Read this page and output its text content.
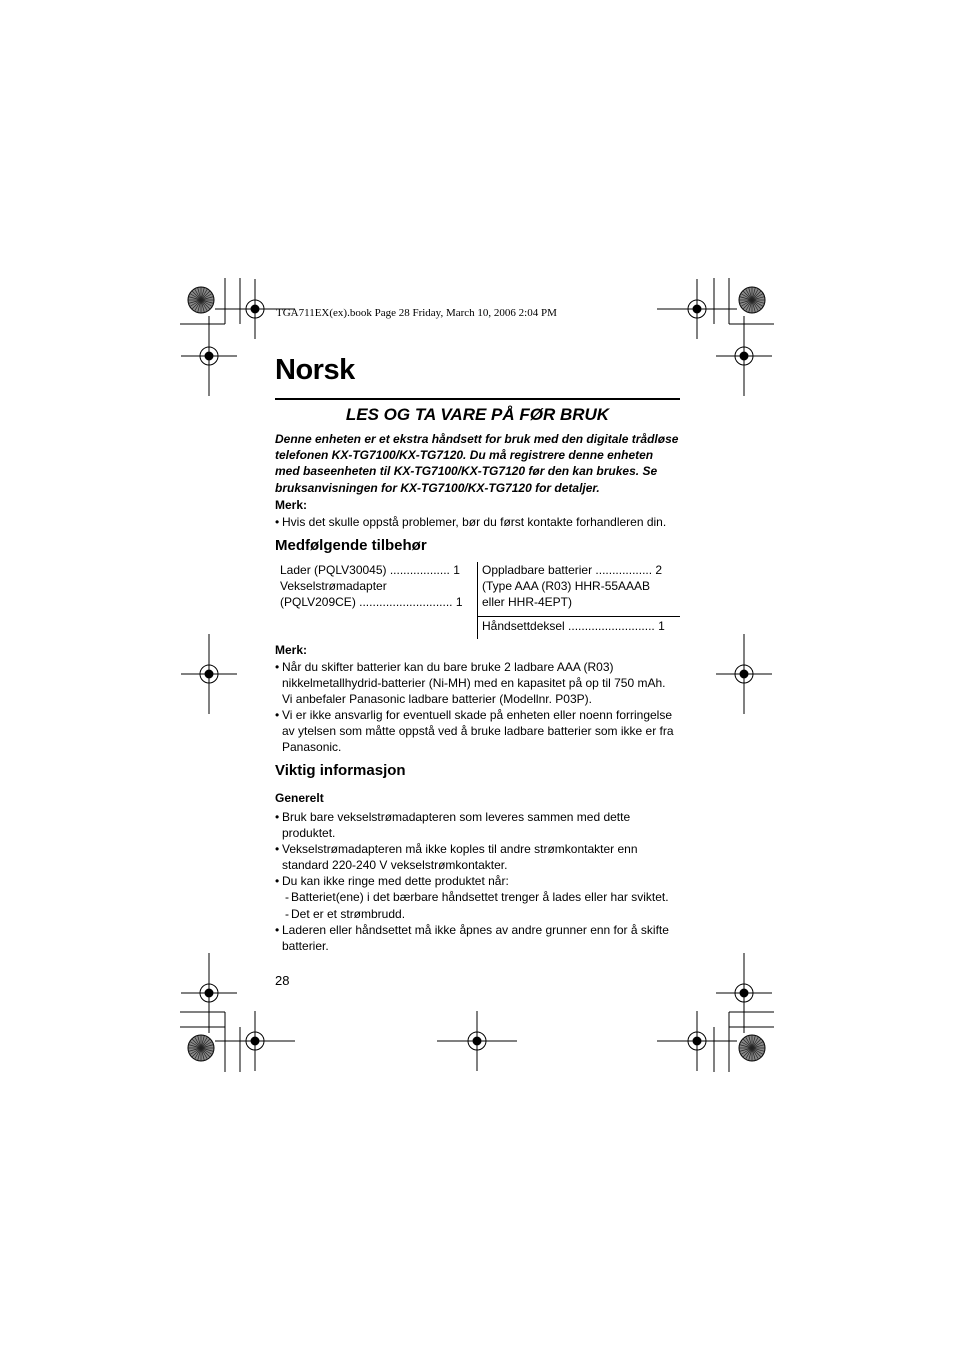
TGA711EX(ex).book Page 28 Friday, March 10, 2006 2:04 PM
Norsk
LES OG TA VARE PÅ FØR BRUK
Denne enheten er et ekstra håndsett for bruk med den digitale trådløse
telefonen KX-TG7100/KX-TG7120. Du må registrere denne enheten
med baseenheten til KX-TG7100/KX-TG7120 før den kan brukes. Se
bruksanvisningen for KX-TG7100/KX-TG7120 for detaljer.
Merk:
• Hvis det skulle oppstå problemer, bør du først kontakte forhandleren din.
Medfølgende tilbehør
Lader (PQLV30045) .................. 1
Vekselstrømadapter
(PQLV209CE) ............................ 1
Oppladbare batterier ................. 2
(Type AAA (R03) HHR-55AAAB
eller HHR-4EPT)
Håndsettdeksel .......................... 1
Merk:
• Når du skifter batterier kan du bare bruke 2 ladbare AAA (R03)
nikkelmetallhydrid-batterier (Ni-MH) med en kapasitet på op til 750 mAh.
Vi anbefaler Panasonic ladbare batterier (Modellnr. P03P).
• Vi er ikke ansvarlig for eventuell skade på enheten eller noenn forringelse
av ytelsen som måtte oppstå ved å bruke ladbare batterier som ikke er fra
Panasonic.
Viktig informasjon
Generelt
• Bruk bare vekselstrømadapteren som leveres sammen med dette
produktet.
• Vekselstrømadapteren må ikke koples til andre strømkontakter enn
standard 220-240 V vekselstrømkontakter.
• Du kan ikke ringe med dette produktet når:
- Batteriet(ene) i det bærbare håndsettet trenger å lades eller har sviktet.
- Det er et strømbrudd.
• Laderen eller håndsettet må ikke åpnes av andre grunner enn for å skifte
batterier.
28
